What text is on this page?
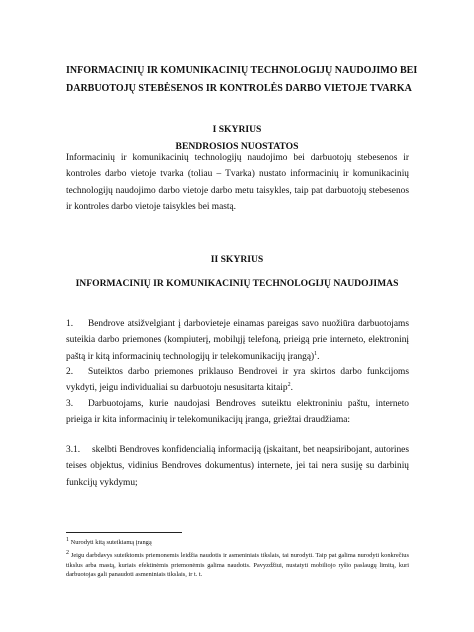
INFORMACINIŲ IR KOMUNIKACINIŲ TECHNOLOGIJŲ NAUDOJIMO BEI
DARBUOTOJŲ STEBĖSENOS IR KONTROLĖS DARBO VIETOJE TVARKA
I SKYRIUS
BENDROSIOS NUOSTATOS
Informacinių ir komunikacinių technologijų naudojimo bei darbuotojų stebesenos ir kontroles darbo vietoje tvarka (toliau – Tvarka) nustato informacinių ir komunikacinių technologijų naudojimo darbo vietoje darbo metu taisykles, taip pat darbuotojų stebesenos ir kontroles darbo vietoje taisykles bei mastą.
II SKYRIUS
INFORMACINIŲ IR KOMUNIKACINIŲ TECHNOLOGIJŲ NAUDOJIMAS
1. Bendrove atsižvelgiant į darbovieteje einamas pareigas savo nuožiūra darbuotojams suteikia darbo priemones (kompiuterį, mobilųjį telefoną, prieigą prie interneto, elektroninį paštą ir kitą informacinių technologijų ir telekomunikacijų įrangą)$^1$.
2. Suteiktos darbo priemones priklauso Bendrovei ir yra skirtos darbo funkcijoms vykdyti, jeigu individualiai su darbuotoju nesusitarta kitaip$^2$.
3. Darbuotojams, kurie naudojasi Bendroves suteiktu elektroniniu paštu, interneto prieiga ir kita informacinių ir telekomunikacijų įranga, griežtai draudžiama:
3.1. skelbti Bendroves konfidencialią informaciją (įskaitant, bet neapsiribojant, autorines teises objektus, vidinius Bendroves dokumentus) internete, jei tai nera susiję su darbinių funkcijų vykdymu;
$^1$ Nurodyti kitą suteikiamą įrangą
$^2$ Jeigu darbdavys suteiktomis priemonemis leidžia naudotis ir asmeniniais tikslais, tai nurodyti. Taip pat galima nurodyti konkrečius tikslus arba mastą, kuriais efektinėmis priemonėmis galima naudotis. Pavyzdžiui, nustatyti mobiliojo ryšio paslaugų limitą, kuri darbuotojas gali panaudoti asmeniniais tikslais, ir t. t.
